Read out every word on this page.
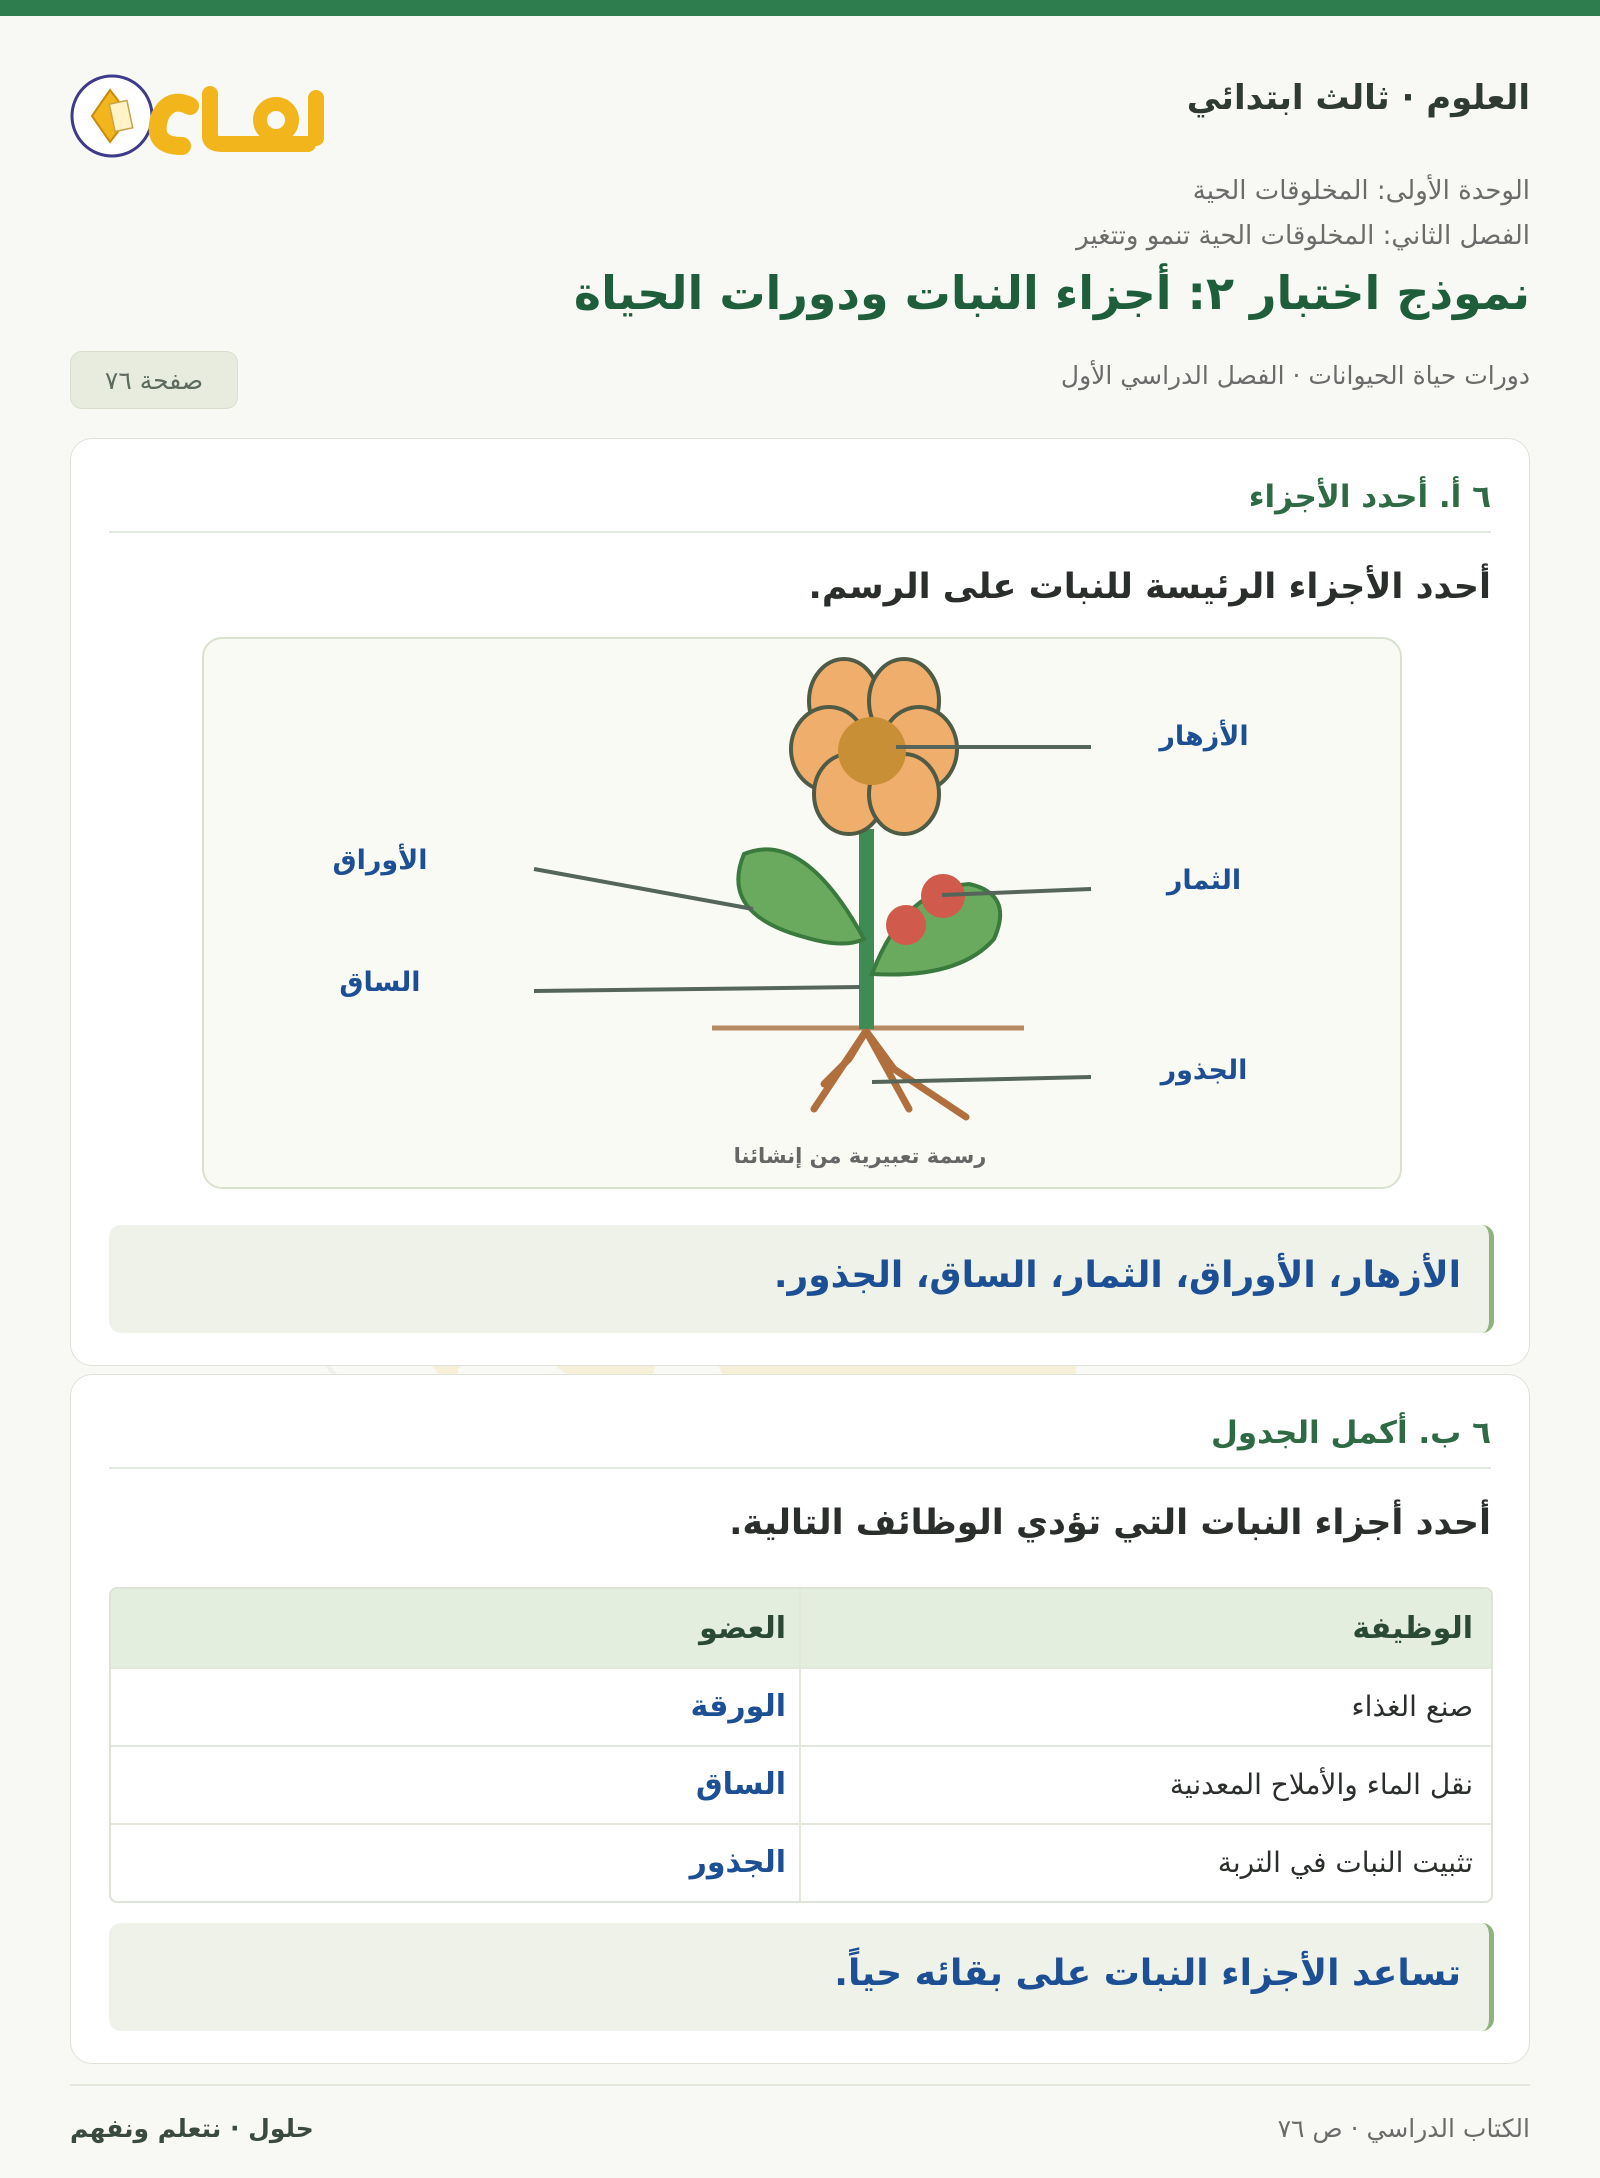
العلوم · ثالث ابتدائي
الوحدة الأولى: المخلوقات الحية
الفصل الثاني: المخلوقات الحية تنمو وتتغير
نموذج اختبار ٢: أجزاء النبات ودورات الحياة
دورات حياة الحيوانات · الفصل الدراسي الأول
صفحة ٧٦
٦ أ. أحدد الأجزاء
أحدد الأجزاء الرئيسة للنبات على الرسم.
الأزهار
الثمار
الجذور
الأوراق
الساق
رسمة تعبيرية من إنشائنا
الأزهار، الأوراق، الثمار، الساق، الجذور.
٦ ب. أكمل الجدول
أحدد أجزاء النبات التي تؤدي الوظائف التالية.
الوظيفة
العضو
صنع الغذاء
الورقة
نقل الماء والأملاح المعدنية
الساق
تثبيت النبات في التربة
الجذور
تساعد الأجزاء النبات على بقائه حياً.
الكتاب الدراسي · ص ٧٦
حلول · نتعلم ونفهم
